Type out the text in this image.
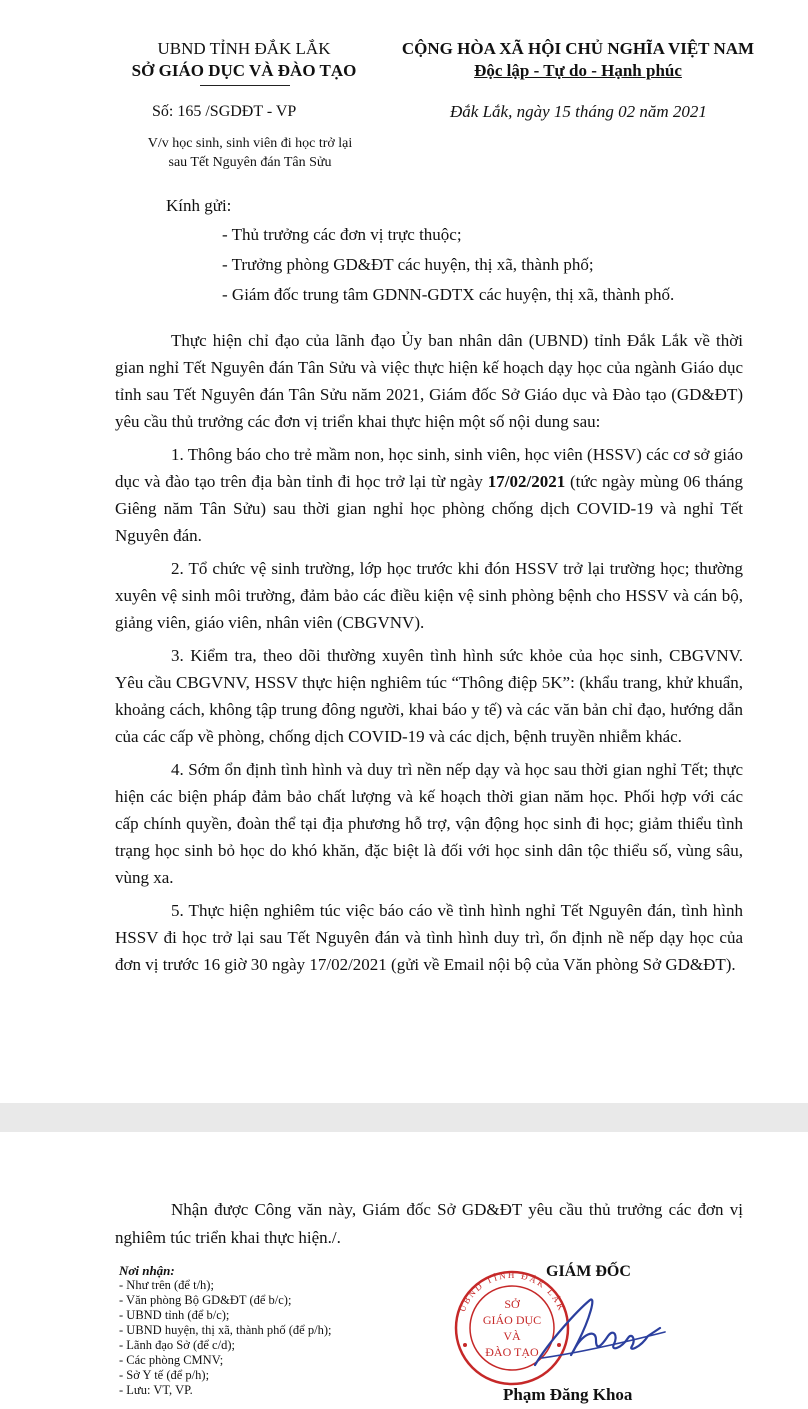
UBND TỈNH ĐẮK LẮK
SỞ GIÁO DỤC VÀ ĐÀO TẠO
CỘNG HÒA XÃ HỘI CHỦ NGHĨA VIỆT NAM
Độc lập - Tự do - Hạnh phúc
Số: 165 /SGDĐT - VP	Đắk Lắk, ngày 15 tháng 02 năm 2021
V/v học sinh, sinh viên đi học trở lại
sau Tết Nguyên đán Tân Sửu
Kính gửi:
- Thủ trưởng các đơn vị trực thuộc;
- Trưởng phòng GD&ĐT các huyện, thị xã, thành phố;
- Giám đốc trung tâm GDNN-GDTX các huyện, thị xã, thành phố.

Thực hiện chỉ đạo của lãnh đạo Ủy ban nhân dân (UBND) tỉnh Đắk Lắk về thời gian nghỉ Tết Nguyên đán Tân Sửu và việc thực hiện kế hoạch dạy học của ngành Giáo dục tỉnh sau Tết Nguyên đán Tân Sửu năm 2021, Giám đốc Sở Giáo dục và Đào tạo (GD&ĐT) yêu cầu thủ trưởng các đơn vị triển khai thực hiện một số nội dung sau:

1. Thông báo cho trẻ mầm non, học sinh, sinh viên, học viên (HSSV) các cơ sở giáo dục và đào tạo trên địa bàn tỉnh đi học trở lại từ ngày 17/02/2021 (tức ngày mùng 06 tháng Giêng năm Tân Sửu) sau thời gian nghỉ học phòng chống dịch COVID-19 và nghỉ Tết Nguyên đán.

2. Tổ chức vệ sinh trường, lớp học trước khi đón HSSV trở lại trường học; thường xuyên vệ sinh môi trường, đảm bảo các điều kiện vệ sinh phòng bệnh cho HSSV và cán bộ, giảng viên, giáo viên, nhân viên (CBGVNV).

3. Kiểm tra, theo dõi thường xuyên tình hình sức khỏe của học sinh, CBGVNV. Yêu cầu CBGVNV, HSSV thực hiện nghiêm túc “Thông điệp 5K”: (khẩu trang, khử khuẩn, khoảng cách, không tập trung đông người, khai báo y tế) và các văn bản chỉ đạo, hướng dẫn của các cấp về phòng, chống dịch COVID-19 và các dịch, bệnh truyền nhiễm khác.

4. Sớm ổn định tình hình và duy trì nền nếp dạy và học sau thời gian nghỉ Tết; thực hiện các biện pháp đảm bảo chất lượng và kế hoạch thời gian năm học. Phối hợp với các cấp chính quyền, đoàn thể tại địa phương hỗ trợ, vận động học sinh đi học; giảm thiểu tình trạng học sinh bỏ học do khó khăn, đặc biệt là đối với học sinh dân tộc thiểu số, vùng sâu, vùng xa.

5. Thực hiện nghiêm túc việc báo cáo về tình hình nghỉ Tết Nguyên đán, tình hình HSSV đi học trở lại sau Tết Nguyên đán và tình hình duy trì, ổn định nề nếp dạy học của đơn vị trước 16 giờ 30 ngày 17/02/2021 (gửi về Email nội bộ của Văn phòng Sở GD&ĐT).

Nhận được Công văn này, Giám đốc Sở GD&ĐT yêu cầu thủ trưởng các đơn vị nghiêm túc triển khai thực hiện./.

Nơi nhận:
- Như trên (để t/h);
- Văn phòng Bộ GD&ĐT (để b/c);
- UBND tỉnh (để b/c);
- UBND huyện, thị xã, thành phố (để p/h);
- Lãnh đạo Sở (để c/d);
- Các phòng CMNV;
- Sở Y tế (để p/h);
- Lưu: VT, VP.
GIÁM ĐỐC
UBND TỈNH ĐẮK LẮK
SỞ
GIÁO DỤC
VÀ
ĐÀO TẠO
Phạm Đăng Khoa
